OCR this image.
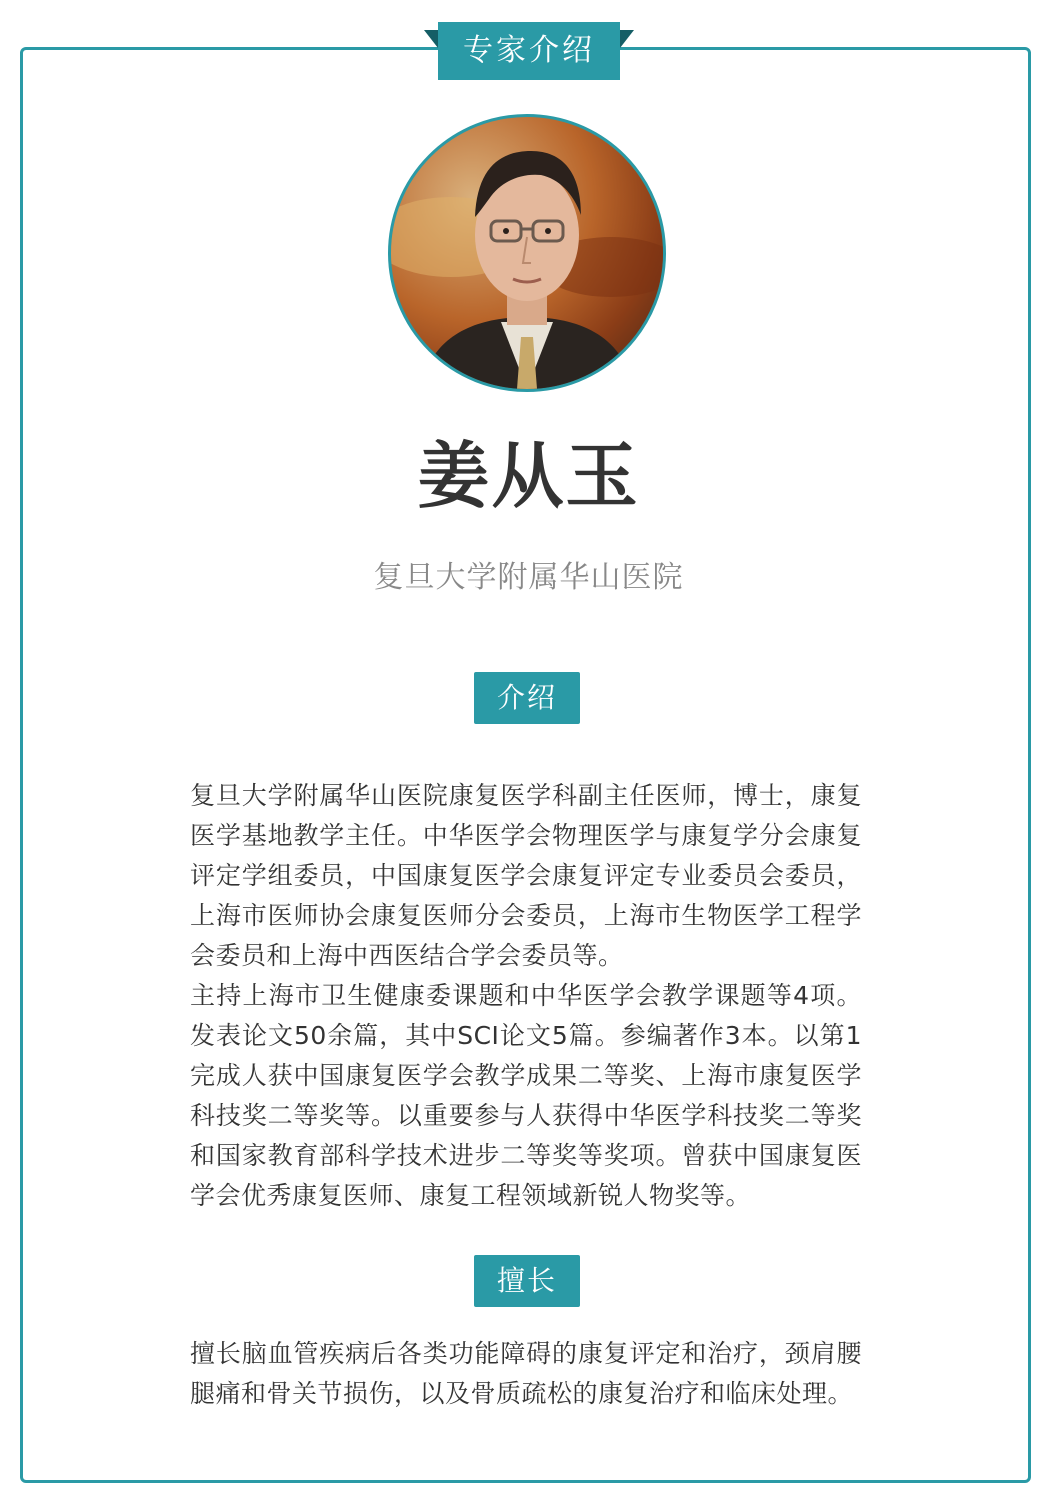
专家介绍
姜从玉
复旦大学附属华山医院
介绍

复旦大学附属华山医院康复医学科副主任医师，博士，康复医学基地教学主任。中华医学会物理医学与康复学分会康复评定学组委员，中国康复医学会康复评定专业委员会委员，上海市医师协会康复医师分会委员，上海市生物医学工程学会委员和上海中西医结合学会委员等。
主持上海市卫生健康委课题和中华医学会教学课题等4项。发表论文50余篇，其中SCI论文5篇。参编著作3本。以第1完成人获中国康复医学会教学成果二等奖、上海市康复医学科技奖二等奖等。以重要参与人获得中华医学科技奖二等奖和国家教育部科学技术进步二等奖等奖项。曾获中国康复医学会优秀康复医师、康复工程领域新锐人物奖等。

擅长

擅长脑血管疾病后各类功能障碍的康复评定和治疗，颈肩腰腿痛和骨关节损伤，以及骨质疏松的康复治疗和临床处理。
